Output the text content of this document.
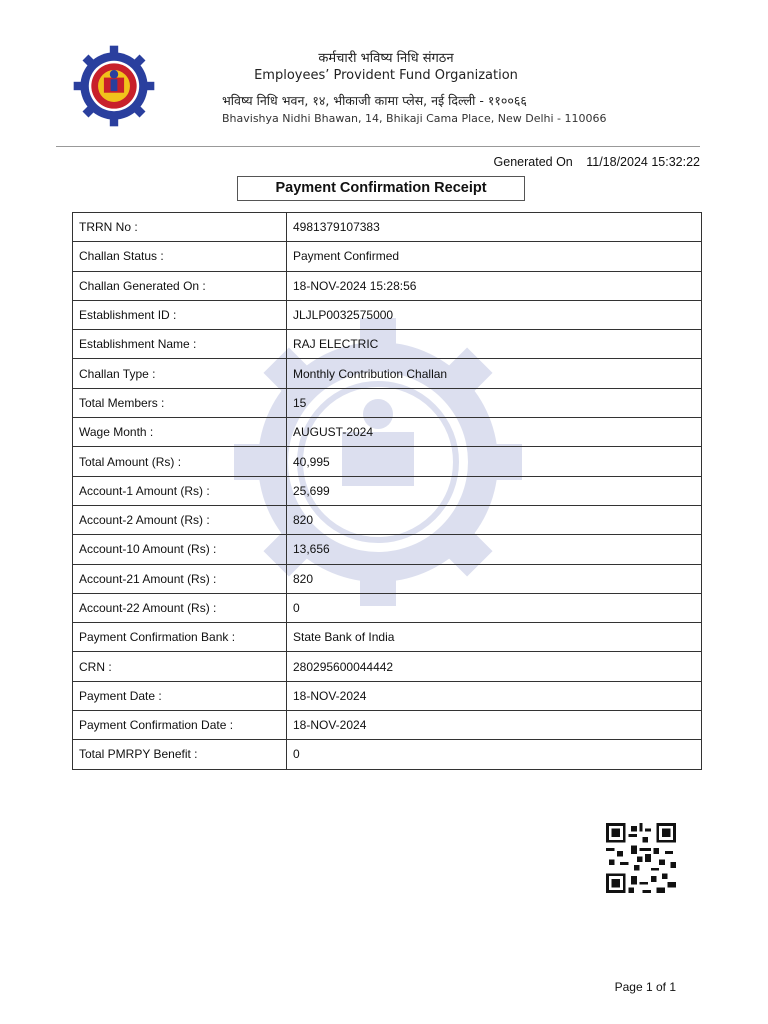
कर्मचारी भविष्य निधि संगठन
Employees’ Provident Fund Organization
भविष्य निधि भवन, १४, भीकाजी कामा प्लेस, नई दिल्ली - ११००६६
Bhavishya Nidhi Bhawan, 14, Bhikaji Cama Place, New Delhi - 110066
Generated On 11/18/2024 15:32:22
Payment Confirmation Receipt
TRRN No :	4981379107383
Challan Status :	Payment Confirmed
Challan Generated On :	18-NOV-2024 15:28:56
Establishment ID :	JLJLP0032575000
Establishment Name :	RAJ ELECTRIC
Challan Type :	Monthly Contribution Challan
Total Members :	15
Wage Month :	AUGUST-2024
Total Amount (Rs) :	40,995
Account-1 Amount (Rs) :	25,699
Account-2 Amount (Rs) :	820
Account-10 Amount (Rs) :	13,656
Account-21 Amount (Rs) :	820
Account-22 Amount (Rs) :	0
Payment Confirmation Bank :	State Bank of India
CRN :	280295600044442
Payment Date :	18-NOV-2024
Payment Confirmation Date :	18-NOV-2024
Total PMRPY Benefit :	0
Page 1 of 1
